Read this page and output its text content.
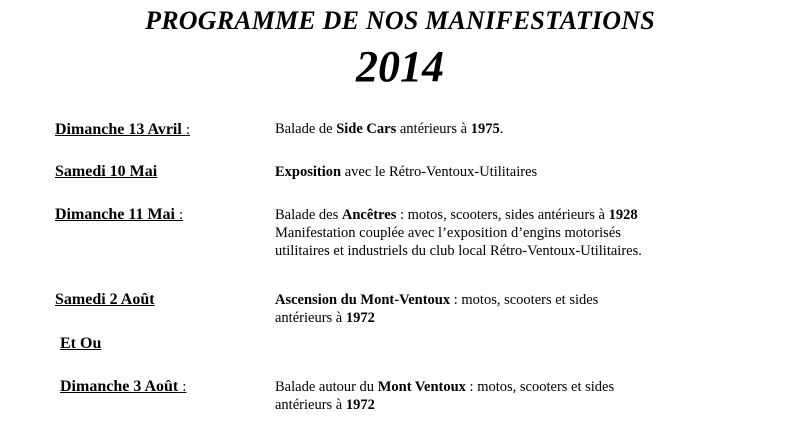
PROGRAMME DE NOS MANIFESTATIONS
2014
Dimanche 13 Avril :	Balade de Side Cars antérieurs à 1975.
Samedi 10 Mai	Exposition avec le Rétro-Ventoux-Utilitaires
Dimanche 11 Mai :	Balade des Ancêtres : motos, scooters, sides antérieurs à 1928
Manifestation couplée avec l’exposition d’engins motorisés
utilitaires et industriels du club local Rétro-Ventoux-Utilitaires.
Samedi 2 Août	Ascension du Mont-Ventoux : motos, scooters et sides
antérieurs à 1972
Et Ou
Dimanche 3 Août :	Balade autour du Mont Ventoux : motos, scooters et sides
antérieurs à 1972
